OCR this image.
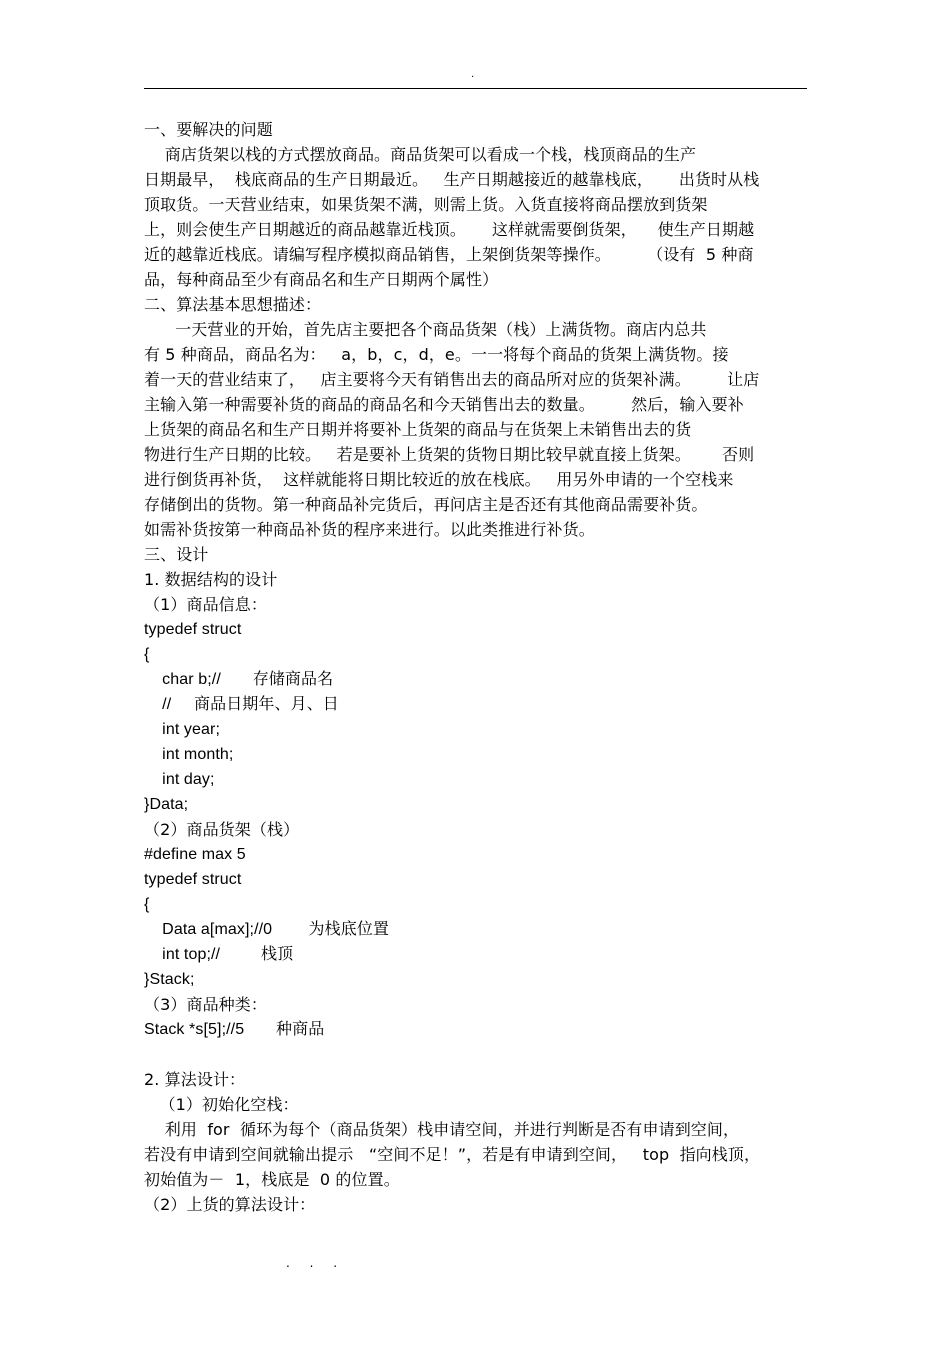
.
一、要解决的问题
商店货架以栈的方式摆放商品。商品货架可以看成一个栈，栈顶商品的生产
日期最早，  栈底商品的生产日期最近。   生产日期越接近的越靠栈底，     出货时从栈
顶取货。一天营业结束，如果货架不满，则需上货。入货直接将商品摆放到货架
上，则会使生产日期越近的商品越靠近栈顶。     这样就需要倒货架，    使生产日期越
近的越靠近栈底。请编写程序模拟商品销售，上架倒货架等操作。       （设有  5 种商
品，每种商品至少有商品名和生产日期两个属性）
二、算法基本思想描述：
一天营业的开始，首先店主要把各个商品货架（栈）上满货物。商店内总共
有 5 种商品，商品名为：   a，b，c，d，e。一一将每个商品的货架上满货物。接
着一天的营业结束了，   店主要将今天有销售出去的商品所对应的货架补满。       让店
主输入第一种需要补货的商品的商品名和今天销售出去的数量。       然后，输入要补
上货架的商品名和生产日期并将要补上货架的商品与在货架上未销售出去的货
物进行生产日期的比较。   若是要补上货架的货物日期比较早就直接上货架。      否则
进行倒货再补货，  这样就能将日期比较近的放在栈底。   用另外申请的一个空栈来
存储倒出的货物。第一种商品补完货后，再问店主是否还有其他商品需要补货。
如需补货按第一种商品补货的程序来进行。以此类推进行补货。
三、设计
1. 数据结构的设计
（1）商品信息：
typedef struct
{
char b;//       存储商品名
//     商品日期年、月、日
int year;
int month;
int day;
}Data;
（2）商品货架（栈）
#define max 5
typedef struct
{
Data a[max];//0        为栈底位置
int top;//         栈顶
}Stack;
（3）商品种类：
Stack *s[5];//5       种商品
2. 算法设计：
（1）初始化空栈：
利用  for  循环为每个（商品货架）栈申请空间，并进行判断是否有申请到空间，
若没有申请到空间就输出提示   “空间不足！”，若是有申请到空间，   top  指向栈顶，
初始值为－  1，栈底是  0 的位置。
（2）上货的算法设计：
. . .
